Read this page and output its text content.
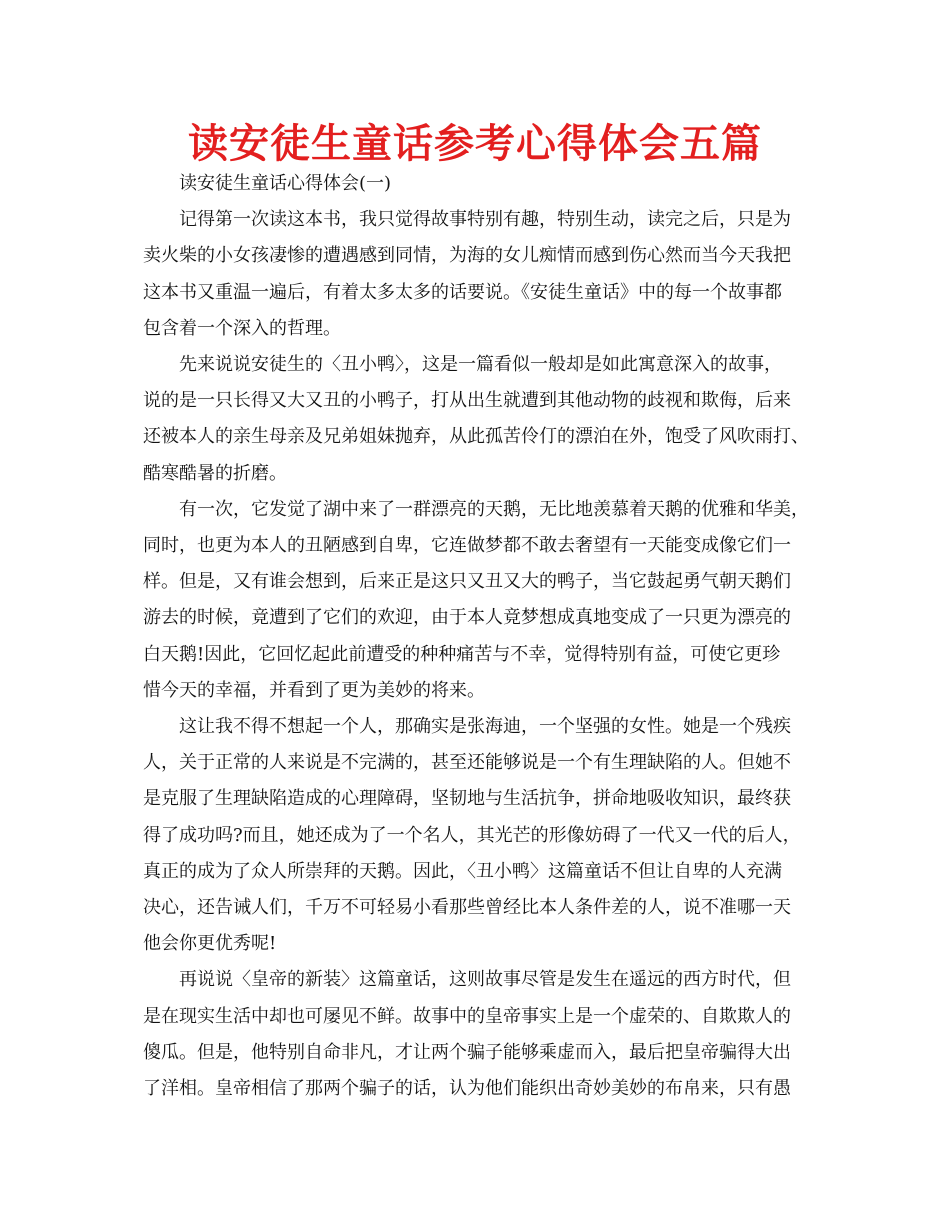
读安徒生童话参考心得体会五篇

读安徒生童话心得体会(一)

记得第一次读这本书，我只觉得故事特别有趣，特别生动，读完之后，只是为
卖火柴的小女孩凄惨的遭遇感到同情，为海的女儿痴情而感到伤心然而当今天我把
这本书又重温一遍后，有着太多太多的话要说。《安徒生童话》中的每一个故事都
包含着一个深入的哲理。

先来说说安徒生的〈丑小鸭〉，这是一篇看似一般却是如此寓意深入的故事，
说的是一只长得又大又丑的小鸭子，打从出生就遭到其他动物的歧视和欺侮，后来
还被本人的亲生母亲及兄弟姐妹抛弃，从此孤苦伶仃的漂泊在外，饱受了风吹雨打、
酷寒酷暑的折磨。

有一次，它发觉了湖中来了一群漂亮的天鹅，无比地羡慕着天鹅的优雅和华美，
同时，也更为本人的丑陋感到自卑，它连做梦都不敢去奢望有一天能变成像它们一
样。但是，又有谁会想到，后来正是这只又丑又大的鸭子，当它鼓起勇气朝天鹅们
游去的时候，竟遭到了它们的欢迎，由于本人竟梦想成真地变成了一只更为漂亮的
白天鹅!因此，它回忆起此前遭受的种种痛苦与不幸，觉得特别有益，可使它更珍
惜今天的幸福，并看到了更为美妙的将来。

这让我不得不想起一个人，那确实是张海迪，一个坚强的女性。她是一个残疾
人，关于正常的人来说是不完满的，甚至还能够说是一个有生理缺陷的人。但她不
是克服了生理缺陷造成的心理障碍，坚韧地与生活抗争，拼命地吸收知识，最终获
得了成功吗?而且，她还成为了一个名人，其光芒的形像妨碍了一代又一代的后人，
真正的成为了众人所崇拜的天鹅。因此，〈丑小鸭〉这篇童话不但让自卑的人充满
决心，还告诫人们，千万不可轻易小看那些曾经比本人条件差的人，说不准哪一天
他会你更优秀呢!

再说说〈皇帝的新装〉这篇童话，这则故事尽管是发生在遥远的西方时代，但
是在现实生活中却也可屡见不鲜。故事中的皇帝事实上是一个虚荣的、自欺欺人的
傻瓜。但是，他特别自命非凡，才让两个骗子能够乘虚而入，最后把皇帝骗得大出
了洋相。皇帝相信了那两个骗子的话，认为他们能织出奇妙美妙的布帛来，只有愚
